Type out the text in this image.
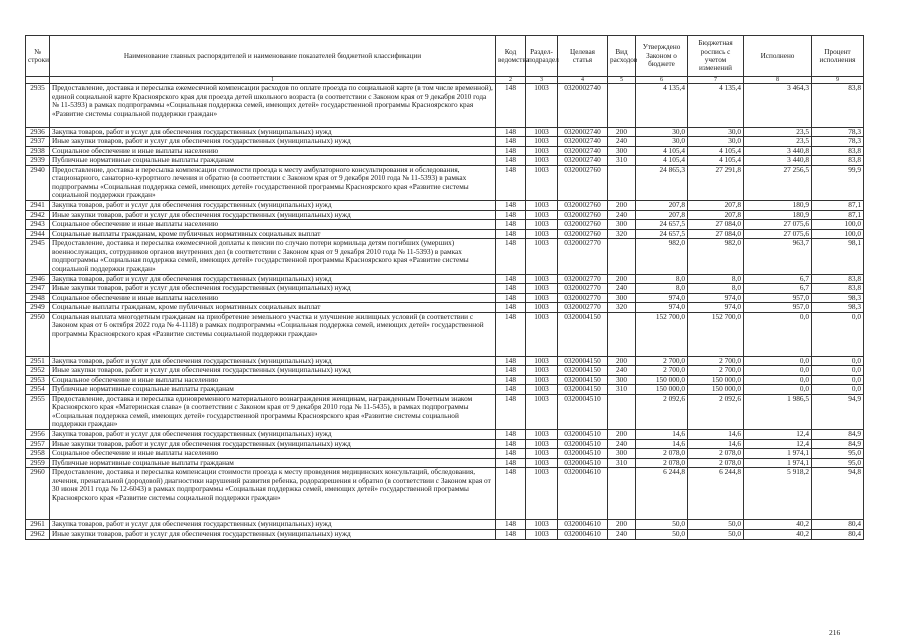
№ строки	Наименование главных распорядителей и наименование показателей бюджетной классификации	Код ведомства	Раздел-подраздел	Целевая статья	Вид расходов	Утверждено Законом о бюджете	Бюджетная роспись с учетом изменений	Исполнено	Процент исполнения
	1	2	3	4	5	6	7	8	9
2935	Предоставление, доставка и пересылка ежемесячной компенсации расходов по оплате проезда по социальной карте (в том числе временной), единой социальной карте Красноярского края для проезда детей школьного возраста (в соответствии с Законом края от 9 декабря 2010 года № 11-5393) в рамках подпрограммы «Социальная поддержка семей, имеющих детей» государственной программы Красноярского края «Развитие системы социальной поддержки граждан»	148	1003	0320002740		4 135,4	4 135,4	3 464,3	83,8
2936	Закупка товаров, работ и услуг для обеспечения государственных (муниципальных) нужд	148	1003	0320002740	200	30,0	30,0	23,5	78,3
2937	Иные закупки товаров, работ и услуг для обеспечения государственных (муниципальных) нужд	148	1003	0320002740	240	30,0	30,0	23,5	78,3
2938	Социальное обеспечение и иные выплаты населению	148	1003	0320002740	300	4 105,4	4 105,4	3 440,8	83,8
2939	Публичные нормативные социальные выплаты гражданам	148	1003	0320002740	310	4 105,4	4 105,4	3 440,8	83,8
2940	Предоставление, доставка и пересылка компенсации стоимости проезда к месту амбулаторного консультирования и обследования, стационарного, санаторно-курортного лечения и обратно (в соответствии с Законом края от 9 декабря 2010 года № 11-5393) в рамках подпрограммы «Социальная поддержка семей, имеющих детей» государственной программы Красноярского края «Развитие системы социальной поддержки граждан»	148	1003	0320002760		24 865,3	27 291,8	27 256,5	99,9
2941	Закупка товаров, работ и услуг для обеспечения государственных (муниципальных) нужд	148	1003	0320002760	200	207,8	207,8	180,9	87,1
2942	Иные закупки товаров, работ и услуг для обеспечения государственных (муниципальных) нужд	148	1003	0320002760	240	207,8	207,8	180,9	87,1
2943	Социальное обеспечение и иные выплаты населению	148	1003	0320002760	300	24 657,5	27 084,0	27 075,6	100,0
2944	Социальные выплаты гражданам, кроме публичных нормативных социальных выплат	148	1003	0320002760	320	24 657,5	27 084,0	27 075,6	100,0
2945	Предоставление, доставка и пересылка ежемесячной доплаты к пенсии по случаю потери кормильца детям погибших (умерших) военнослужащих, сотрудников органов внутренних дел (в соответствии с Законом края от 9 декабря 2010 года № 11-5393) в рамках подпрограммы «Социальная поддержка семей, имеющих детей» государственной программы Красноярского края «Развитие системы социальной поддержки граждан»	148	1003	0320002770		982,0	982,0	963,7	98,1
2946	Закупка товаров, работ и услуг для обеспечения государственных (муниципальных) нужд	148	1003	0320002770	200	8,0	8,0	6,7	83,8
2947	Иные закупки товаров, работ и услуг для обеспечения государственных (муниципальных) нужд	148	1003	0320002770	240	8,0	8,0	6,7	83,8
2948	Социальное обеспечение и иные выплаты населению	148	1003	0320002770	300	974,0	974,0	957,0	98,3
2949	Социальные выплаты гражданам, кроме публичных нормативных социальных выплат	148	1003	0320002770	320	974,0	974,0	957,0	98,3
2950	Социальная выплата многодетным гражданам на приобретение земельного участка и улучшение жилищных условий (в соответствии с Законом края от 6 октября 2022 года № 4-1118) в рамках подпрограммы «Социальная поддержка семей, имеющих детей» государственной программы Красноярского края «Развитие системы социальной поддержки граждан»	148	1003	0320004150		152 700,0	152 700,0	0,0	0,0
2951	Закупка товаров, работ и услуг для обеспечения государственных (муниципальных) нужд	148	1003	0320004150	200	2 700,0	2 700,0	0,0	0,0
2952	Иные закупки товаров, работ и услуг для обеспечения государственных (муниципальных) нужд	148	1003	0320004150	240	2 700,0	2 700,0	0,0	0,0
2953	Социальное обеспечение и иные выплаты населению	148	1003	0320004150	300	150 000,0	150 000,0	0,0	0,0
2954	Публичные нормативные социальные выплаты гражданам	148	1003	0320004150	310	150 000,0	150 000,0	0,0	0,0
2955	Предоставление, доставка и пересылка единовременного материального вознаграждения женщинам, награжденным Почетным знаком Красноярского края «Материнская слава» (в соответствии с Законом края от 9 декабря 2010 года № 11-5435), в рамках подпрограммы «Социальная поддержка семей, имеющих детей» государственной программы Красноярского края «Развитие системы социальной поддержки граждан»	148	1003	0320004510		2 092,6	2 092,6	1 986,5	94,9
2956	Закупка товаров, работ и услуг для обеспечения государственных (муниципальных) нужд	148	1003	0320004510	200	14,6	14,6	12,4	84,9
2957	Иные закупки товаров, работ и услуг для обеспечения государственных (муниципальных) нужд	148	1003	0320004510	240	14,6	14,6	12,4	84,9
2958	Социальное обеспечение и иные выплаты населению	148	1003	0320004510	300	2 078,0	2 078,0	1 974,1	95,0
2959	Публичные нормативные социальные выплаты гражданам	148	1003	0320004510	310	2 078,0	2 078,0	1 974,1	95,0
2960	Предоставление, доставка и пересылка компенсации стоимости проезда к месту проведения медицинских консультаций, обследования, лечения, пренатальной (дородовой) диагностики нарушений развития ребенка, родоразрешения и обратно (в соответствии с Законом края от 30 июня 2011 года № 12-6043) в рамках подпрограммы «Социальная поддержка семей, имеющих детей» государственной программы Красноярского края «Развитие системы социальной поддержки граждан»	148	1003	0320004610		6 244,8	6 244,8	5 918,2	94,8
2961	Закупка товаров, работ и услуг для обеспечения государственных (муниципальных) нужд	148	1003	0320004610	200	50,0	50,0	40,2	80,4
2962	Иные закупки товаров, работ и услуг для обеспечения государственных (муниципальных) нужд	148	1003	0320004610	240	50,0	50,0	40,2	80,4
216
